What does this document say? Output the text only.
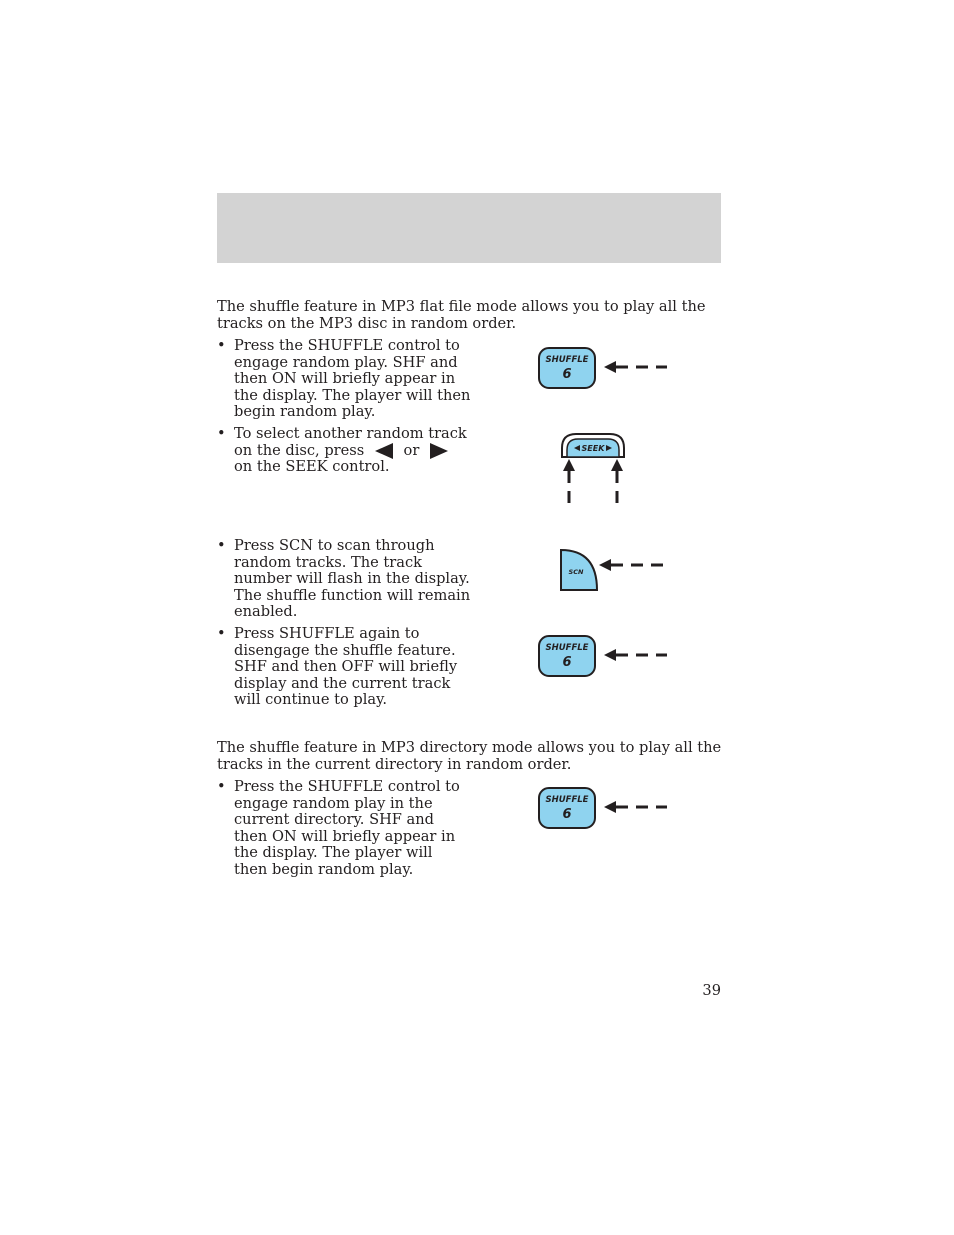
The shuffle feature in MP3 flat file mode allows you to play all the tracks on the MP3 disc in random order.

• Press the SHUFFLE control to engage random play. SHF and then ON will briefly appear in the display. The player will then begin random play.
• To select another random track on the disc, press	or  on the SEEK control.
• Press SCN to scan through random tracks. The track number will flash in the display. The shuffle function will remain enabled.
• Press SHUFFLE again to disengage the shuffle feature. SHF and then OFF will briefly display and the current track will continue to play.

The shuffle feature in MP3 directory mode allows you to play all the tracks in the current directory in random order.

• Press the SHUFFLE control to engage random play in the current directory. SHF and then ON will briefly appear in the display. The player will then begin random play.
SHUFFLE
6
SEEK
SCN
SHUFFLE
6
SHUFFLE
6
39
